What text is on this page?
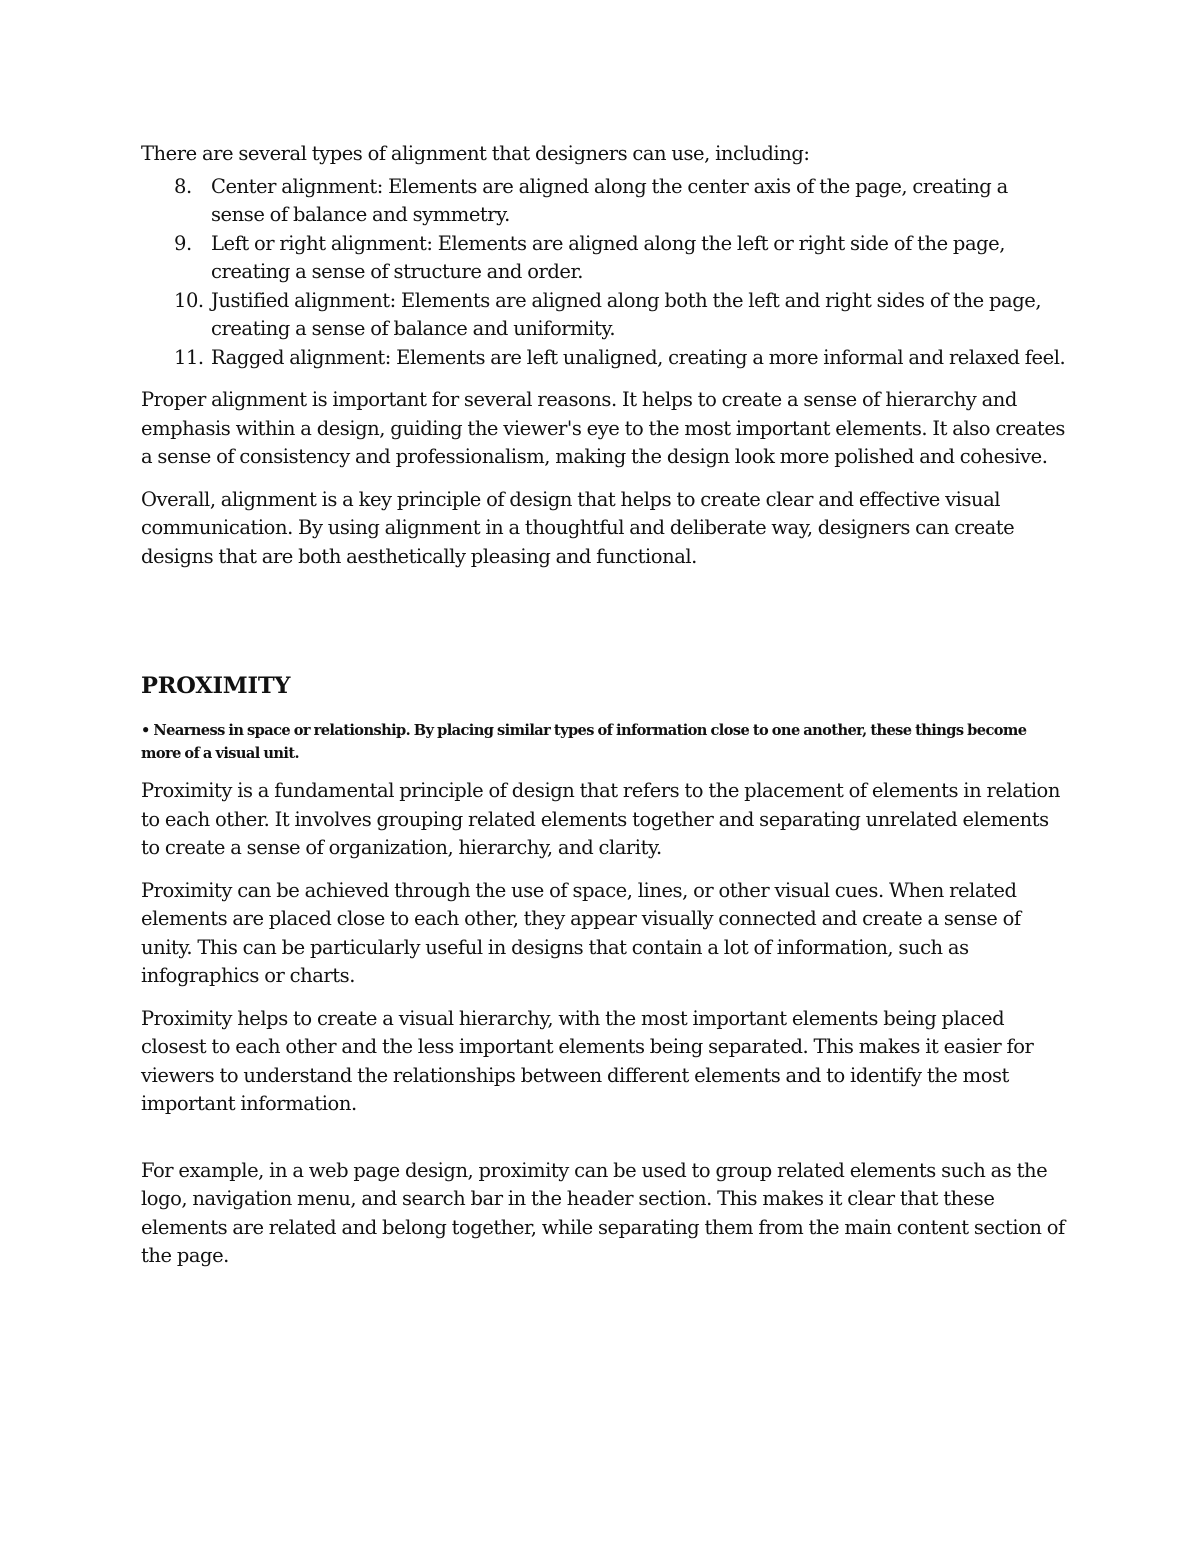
There are several types of alignment that designers can use, including:

8. Center alignment: Elements are aligned along the center axis of the page, creating a sense of balance and symmetry.
9. Left or right alignment: Elements are aligned along the left or right side of the page, creating a sense of structure and order.
10. Justified alignment: Elements are aligned along both the left and right sides of the page, creating a sense of balance and uniformity.
11. Ragged alignment: Elements are left unaligned, creating a more informal and relaxed feel.

Proper alignment is important for several reasons. It helps to create a sense of hierarchy and emphasis within a design, guiding the viewer's eye to the most important elements. It also creates a sense of consistency and professionalism, making the design look more polished and cohesive.

Overall, alignment is a key principle of design that helps to create clear and effective visual communication. By using alignment in a thoughtful and deliberate way, designers can create designs that are both aesthetically pleasing and functional.

PROXIMITY

• Nearness in space or relationship. By placing similar types of information close to one another, these things become more of a visual unit.

Proximity is a fundamental principle of design that refers to the placement of elements in relation to each other. It involves grouping related elements together and separating unrelated elements to create a sense of organization, hierarchy, and clarity.

Proximity can be achieved through the use of space, lines, or other visual cues. When related elements are placed close to each other, they appear visually connected and create a sense of unity. This can be particularly useful in designs that contain a lot of information, such as infographics or charts.

Proximity helps to create a visual hierarchy, with the most important elements being placed closest to each other and the less important elements being separated. This makes it easier for viewers to understand the relationships between different elements and to identify the most important information.

For example, in a web page design, proximity can be used to group related elements such as the logo, navigation menu, and search bar in the header section. This makes it clear that these elements are related and belong together, while separating them from the main content section of the page.
